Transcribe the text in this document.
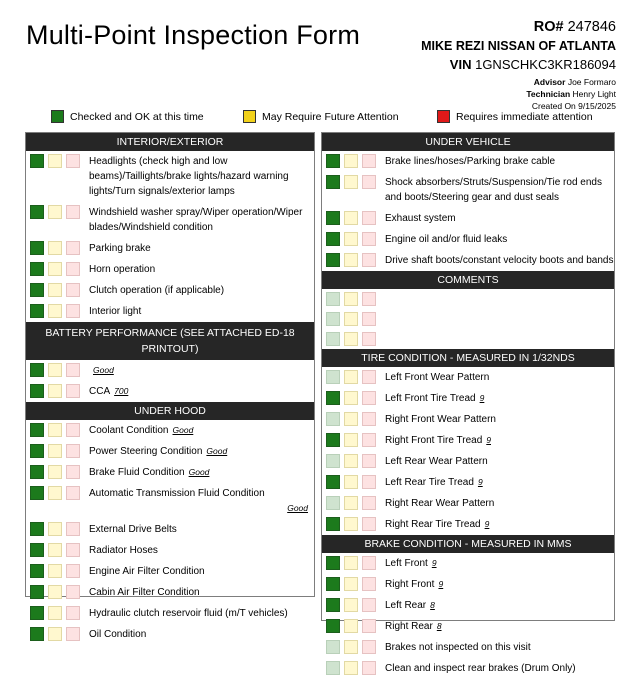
Multi-Point Inspection Form	RO# 247846
MIKE REZI NISSAN OF ATLANTA
VIN 1GNSCHKC3KR186094
Advisor Joe Formaro
Technician Henry Light
Created On 9/15/2025
Checked and OK at this time	May Require Future Attention	Requires immediate attention
INTERIOR/EXTERIOR
Headlights (check high and low beams)/Taillights/brake lights/hazard warning lights/Turn signals/exterior lamps
Windshield washer spray/Wiper operation/Wiper blades/Windshield condition
Parking brake
Horn operation
Clutch operation (if applicable)
Interior light
BATTERY PERFORMANCE (SEE ATTACHED ED-18 PRINTOUT)
Good
CCA 700
UNDER HOOD
Coolant Condition Good
Power Steering Condition Good
Brake Fluid Condition Good
Automatic Transmission Fluid Condition
Good
External Drive Belts
Radiator Hoses
Engine Air Filter Condition
Cabin Air Filter Condition
Hydraulic clutch reservoir fluid (m/T vehicles)
Oil Condition
UNDER VEHICLE
Brake lines/hoses/Parking brake cable
Shock absorbers/Struts/Suspension/Tie rod ends and boots/Steering gear and dust seals
Exhaust system
Engine oil and/or fluid leaks
Drive shaft boots/constant velocity boots and bands
COMMENTS
TIRE CONDITION - MEASURED IN 1/32NDS
Left Front Wear Pattern
Left Front Tire Tread 9
Right Front Wear Pattern
Right Front Tire Tread 9
Left Rear Wear Pattern
Left Rear Tire Tread 9
Right Rear Wear Pattern
Right Rear Tire Tread 9
BRAKE CONDITION - MEASURED IN MMS
Left Front 9
Right Front 9
Left Rear 8
Right Rear 8
Brakes not inspected on this visit
Clean and inspect rear brakes (Drum Only)
